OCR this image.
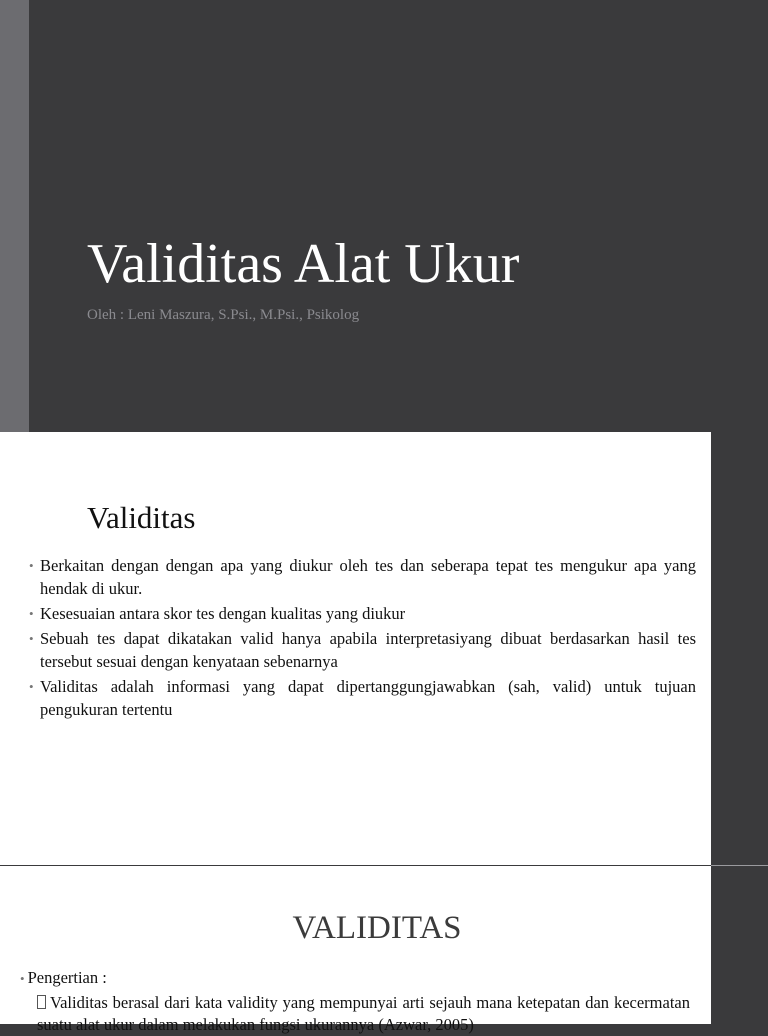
Validitas Alat Ukur
Oleh : Leni Maszura, S.Psi., M.Psi., Psikolog
Validitas
• Berkaitan dengan dengan apa yang diukur oleh tes dan seberapa tepat tes mengukur apa yang hendak di ukur.
• Kesesuaian antara skor tes dengan kualitas yang diukur
• Sebuah tes dapat dikatakan valid hanya apabila interpretasiyang dibuat berdasarkan hasil tes tersebut sesuai dengan kenyataan sebenarnya
• Validitas adalah informasi yang dapat dipertanggungjawabkan (sah, valid) untuk tujuan pengukuran tertentu
VALIDITAS
• Pengertian :
Validitas berasal dari kata validity yang mempunyai arti sejauh mana ketepatan dan kecermatan suatu alat ukur dalam melakukan fungsi ukurannya (Azwar, 2005)
